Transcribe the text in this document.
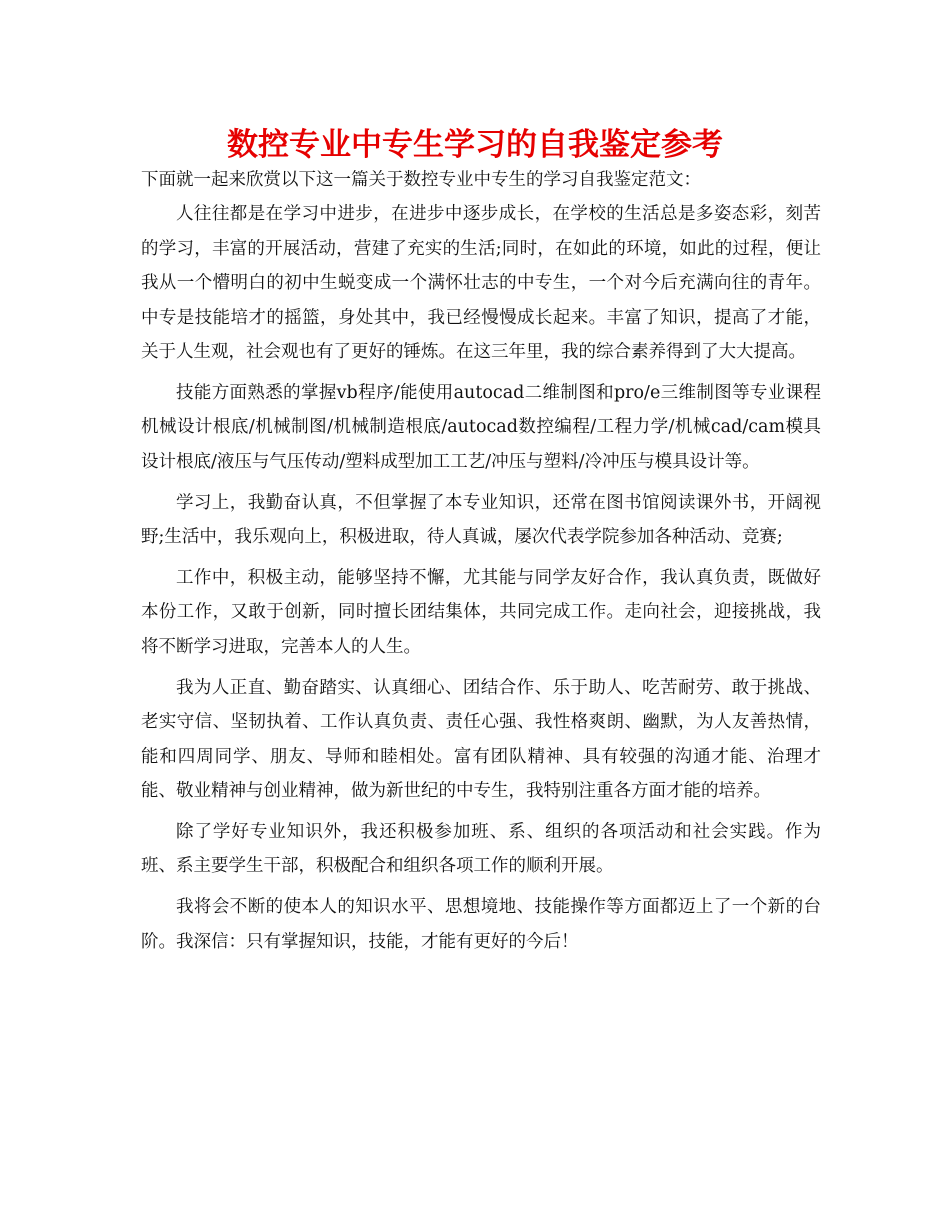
数控专业中专生学习的自我鉴定参考

下面就一起来欣赏以下这一篇关于数控专业中专生的学习自我鉴定范文：

人往往都是在学习中进步，在进步中逐步成长，在学校的生活总是多姿态彩，刻苦的学习，丰富的开展活动，营建了充实的生活;同时，在如此的环境，如此的过程，便让我从一个懵明白的初中生蜕变成一个满怀壮志的中专生，一个对今后充满向往的青年。中专是技能培才的摇篮，身处其中，我已经慢慢成长起来。丰富了知识，提高了才能，关于人生观，社会观也有了更好的锤炼。在这三年里，我的综合素养得到了大大提高。

技能方面熟悉的掌握vb程序/能使用autocad二维制图和pro/e三维制图等专业课程机械设计根底/机械制图/机械制造根底/autocad数控编程/工程力学/机械cad/cam模具设计根底/液压与气压传动/塑料成型加工工艺/冲压与塑料/冷冲压与模具设计等。

学习上，我勤奋认真，不但掌握了本专业知识，还常在图书馆阅读课外书，开阔视野;生活中，我乐观向上，积极进取，待人真诚，屡次代表学院参加各种活动、竞赛;

工作中，积极主动，能够坚持不懈，尤其能与同学友好合作，我认真负责，既做好本份工作，又敢于创新，同时擅长团结集体，共同完成工作。走向社会，迎接挑战，我将不断学习进取，完善本人的人生。

我为人正直、勤奋踏实、认真细心、团结合作、乐于助人、吃苦耐劳、敢于挑战、老实守信、坚韧执着、工作认真负责、责任心强、我性格爽朗、幽默，为人友善热情，能和四周同学、朋友、导师和睦相处。富有团队精神、具有较强的沟通才能、治理才能、敬业精神与创业精神，做为新世纪的中专生，我特别注重各方面才能的培养。

除了学好专业知识外，我还积极参加班、系、组织的各项活动和社会实践。作为班、系主要学生干部，积极配合和组织各项工作的顺利开展。

我将会不断的使本人的知识水平、思想境地、技能操作等方面都迈上了一个新的台阶。我深信：只有掌握知识，技能，才能有更好的今后！
